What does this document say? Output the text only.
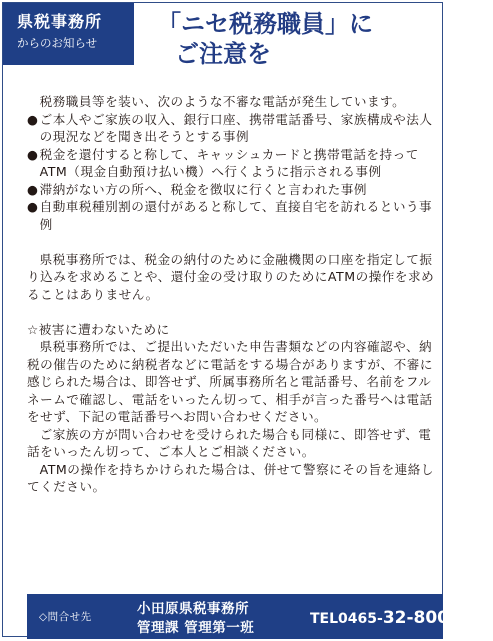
県税事務所
からのお知らせ
「ニセ税務職員」に
ご注意を

税務職員等を装い、次のような不審な電話が発生しています。

●ご本人やご家族の収入、銀行口座、携帯電話番号、家族構成や法人の現況などを聞き出そうとする事例
●税金を還付すると称して、キャッシュカードと携帯電話を持ってATM（現金自動預け払い機）へ行くように指示される事例
●滞納がない方の所へ、税金を徴収に行くと言われた事例
●自動車税種別割の還付があると称して、直接自宅を訪れるという事例

県税事務所では、税金の納付のために金融機関の口座を指定して振り込みを求めることや、還付金の受け取りのためにATMの操作を求めることはありません。

☆被害に遭わないために

県税事務所では、ご提出いただいた申告書類などの内容確認や、納税の催告のために納税者などに電話をする場合がありますが、不審に感じられた場合は、即答せず、所属事務所名と電話番号、名前をフルネームで確認し、電話をいったん切って、相手が言った番号へは電話をせず、下記の電話番号へお問い合わせください。

ご家族の方が問い合わせを受けられた場合も同様に、即答せず、電話をいったん切って、ご本人とご相談ください。

ATMの操作を持ちかけられた場合は、併せて警察にその旨を連絡してください。

◇問合せ先	小田原県税事務所
管理課 管理第一班
TEL0465-32-8000(代)
